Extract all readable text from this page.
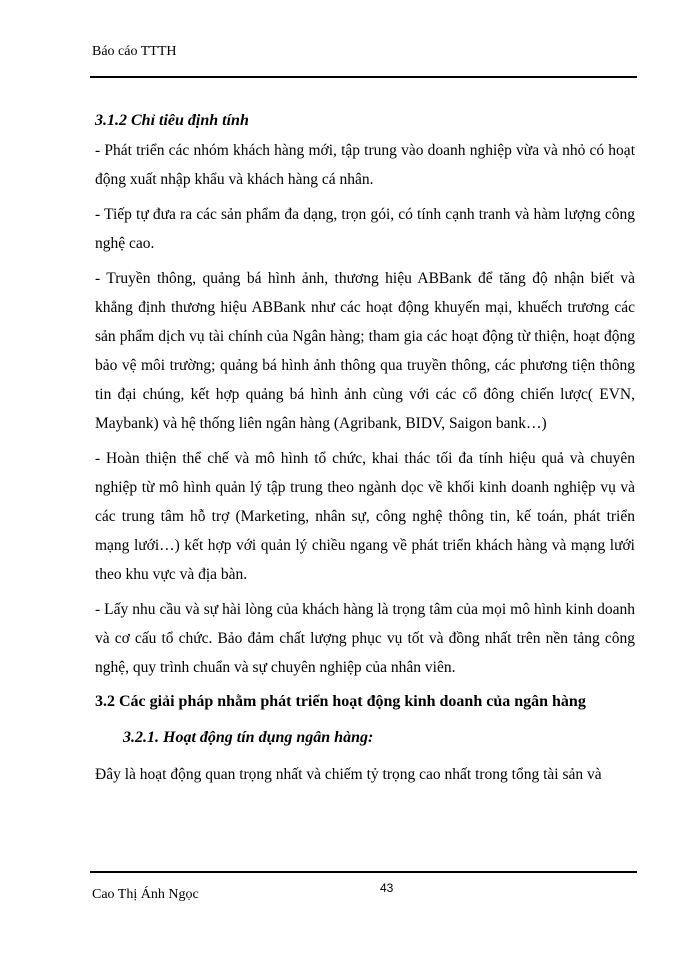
Báo cáo TTTH
3.1.2 Chỉ tiêu định tính

- Phát triển các nhóm khách hàng mới, tập trung vào doanh nghiệp vừa và nhỏ có hoạt động xuất nhập khẩu và khách hàng cá nhân.

- Tiếp tự đưa ra các sản phẩm đa dạng, trọn gói, có tính cạnh tranh và hàm lượng công nghệ cao.

- Truyền thông, quảng bá hình ảnh, thương hiệu ABBank để tăng độ nhận biết và khẳng định thương hiệu ABBank như các hoạt động khuyến mại, khuếch trương các sản phẩm dịch vụ tài chính của Ngân hàng; tham gia các hoạt động từ thiện, hoạt động bảo vệ môi trường; quảng bá hình ảnh thông qua truyền thông, các phương tiện thông tin đại chúng, kết hợp quảng bá hình ảnh cùng với các cổ đông chiến lược( EVN, Maybank) và hệ thống liên ngân hàng (Agribank, BIDV, Saigon bank…)

- Hoàn thiện thể chế và mô hình tổ chức, khai thác tối đa tính hiệu quả và chuyên nghiệp từ mô hình quản lý tập trung theo ngành dọc về khối kinh doanh nghiệp vụ và các trung tâm hỗ trợ (Marketing, nhân sự, công nghệ thông tin, kế toán, phát triển mạng lưới…) kết hợp với quản lý chiều ngang về phát triển khách hàng và mạng lưới theo khu vực và địa bàn.

- Lấy nhu cầu và sự hài lòng của khách hàng là trọng tâm của mọi mô hình kinh doanh và cơ cấu tổ chức. Bảo đảm chất lượng phục vụ tốt và đồng nhất trên nền tảng công nghệ, quy trình chuẩn và sự chuyên nghiệp của nhân viên.

3.2 Các giải pháp nhằm phát triển hoạt động kinh doanh của ngân hàng
3.2.1. Hoạt động tín dụng ngân hàng:

Đây là hoạt động quan trọng nhất và chiếm tỷ trọng cao nhất trong tổng tài sản và

Cao Thị Ánh Ngọc	43
